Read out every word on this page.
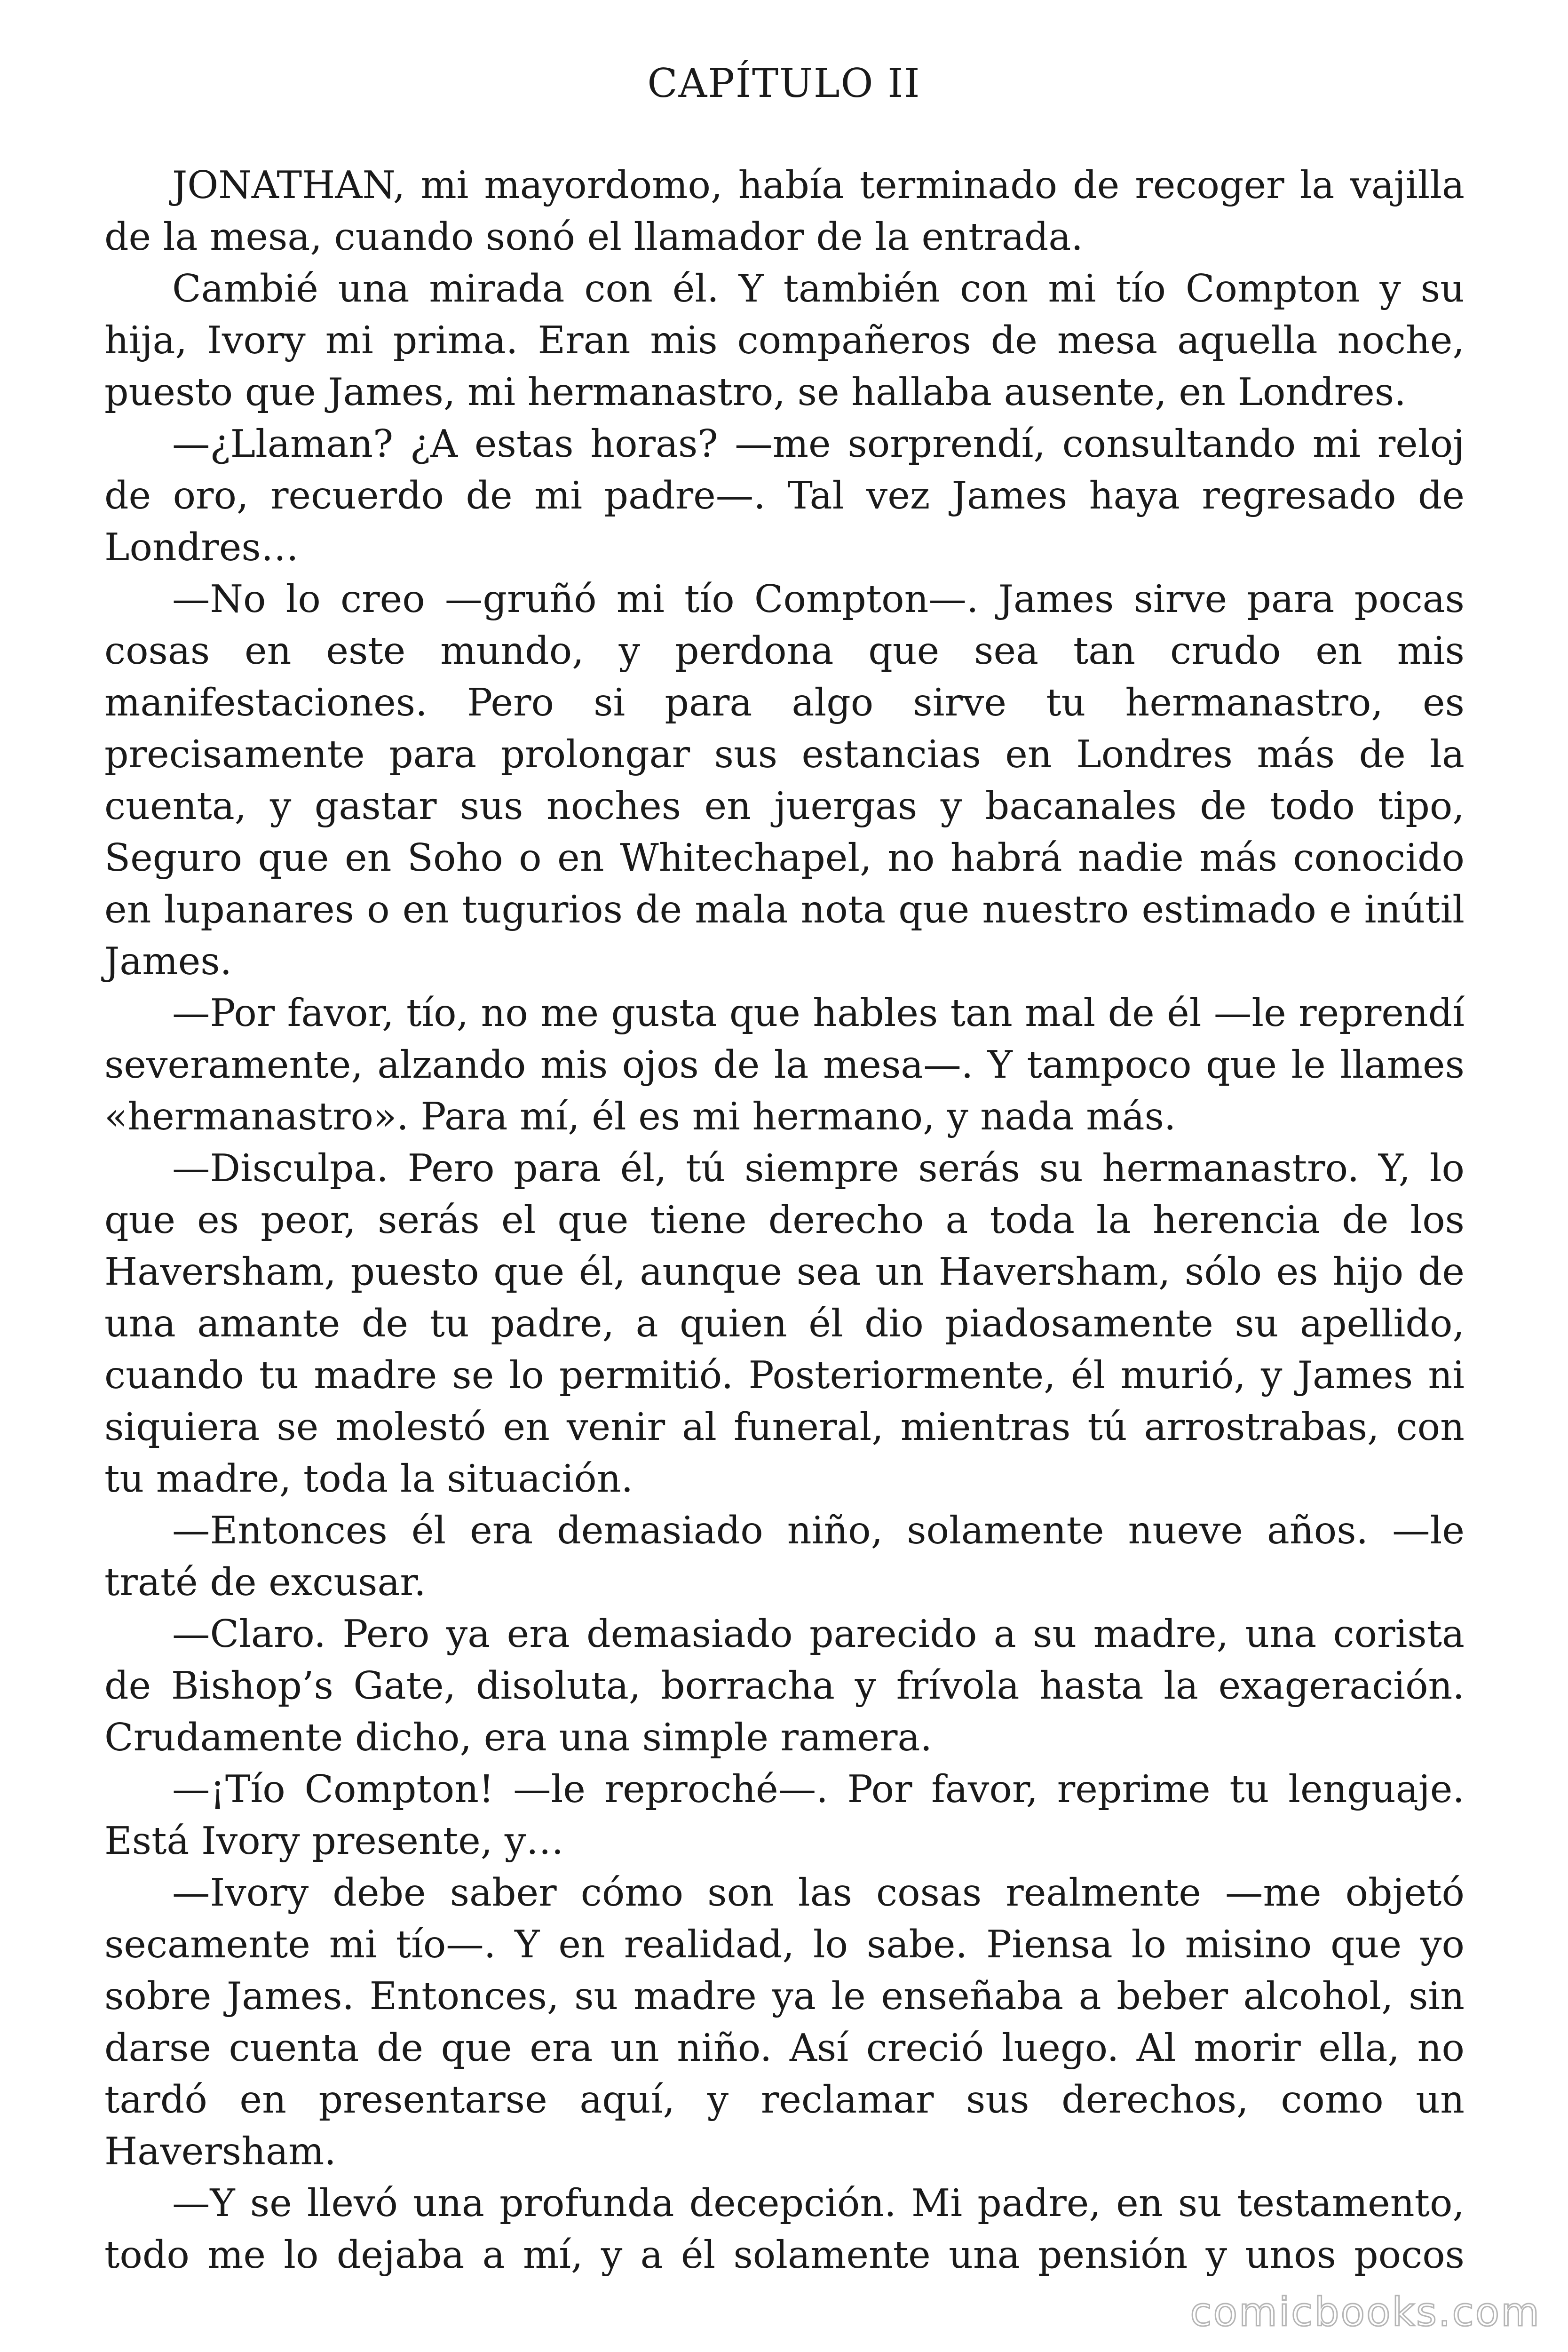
CAPÍTULO II

JONATHAN, mi mayordomo, había terminado de recoger la vajilla de la mesa, cuando sonó el llamador de la entrada.

Cambié una mirada con él. Y también con mi tío Compton y su hija, Ivory mi prima. Eran mis compañeros de mesa aquella noche, puesto que James, mi hermanastro, se hallaba ausente, en Londres.

—¿Llaman? ¿A estas horas? —me sorprendí, consultando mi reloj de oro, recuerdo de mi padre—. Tal vez James haya regresado de Londres…

—No lo creo —gruñó mi tío Compton—. James sirve para pocas cosas en este mundo, y perdona que sea tan crudo en mis manifestaciones. Pero si para algo sirve tu hermanastro, es precisamente para prolongar sus estancias en Londres más de la cuenta, y gastar sus noches en juergas y bacanales de todo tipo, Seguro que en Soho o en Whitechapel, no habrá nadie más conocido en lupanares o en tugurios de mala nota que nuestro estimado e inútil James.

—Por favor, tío, no me gusta que hables tan mal de él —le reprendí severamente, alzando mis ojos de la mesa—. Y tampoco que le llames «hermanastro». Para mí, él es mi hermano, y nada más.

—Disculpa. Pero para él, tú siempre serás su hermanastro. Y, lo que es peor, serás el que tiene derecho a toda la herencia de los Haversham, puesto que él, aunque sea un Haversham, sólo es hijo de una amante de tu padre, a quien él dio piadosamente su apellido, cuando tu madre se lo permitió. Posteriormente, él murió, y James ni siquiera se molestó en venir al funeral, mientras tú arrostrabas, con tu madre, toda la situación.

—Entonces él era demasiado niño, solamente nueve años. —le traté de excusar.

—Claro. Pero ya era demasiado parecido a su madre, una corista de Bishop’s Gate, disoluta, borracha y frívola hasta la exageración. Crudamente dicho, era una simple ramera.

—¡Tío Compton! —le reproché—. Por favor, reprime tu lenguaje. Está Ivory presente, y…

—Ivory debe saber cómo son las cosas realmente —me objetó secamente mi tío—. Y en realidad, lo sabe. Piensa lo misino que yo sobre James. Entonces, su madre ya le enseñaba a beber alcohol, sin darse cuenta de que era un niño. Así creció luego. Al morir ella, no tardó en presentarse aquí, y reclamar sus derechos, como un Haversham.

—Y se llevó una profunda decepción. Mi padre, en su testamento, todo me lo dejaba a mí, y a él solamente una pensión y unos pocos

comicbooks.com
